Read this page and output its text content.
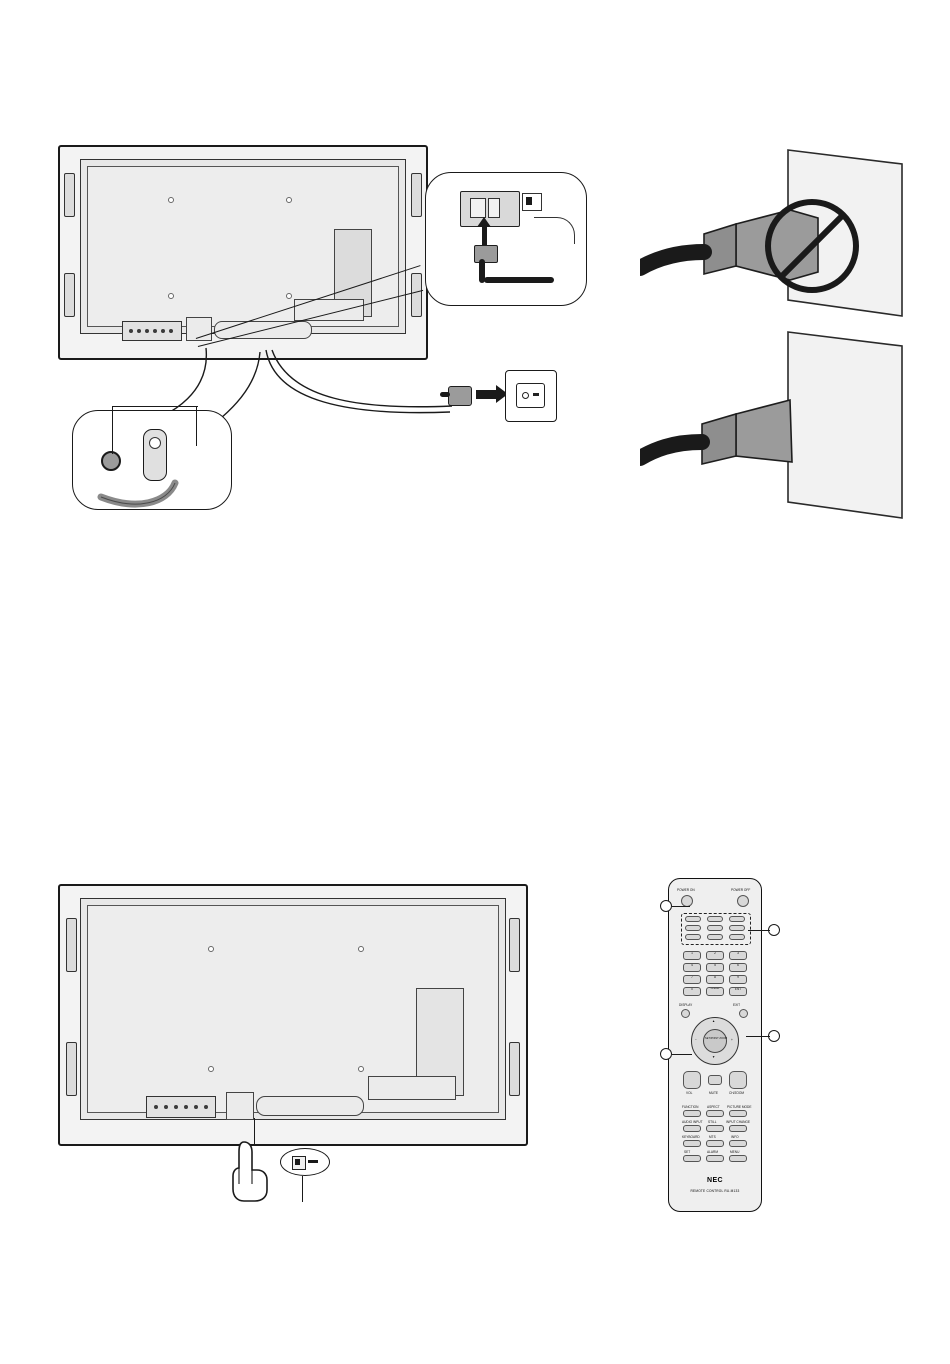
POWER ON	POWER OFF
1	2	3
4	5	6
7	8	9
0	CLEAR	ENT
DISPLAY	EXIT
SET/POINT ZOOM
▲
▼
−	+
VOL	MUTE	CH/ZOOM
FUNCTION	ASPECT PICTURE MODE
AUDIO INPUT STILL	INPUT CHANGE
KEYBOARD	MTS	INFO
SET	ALARM	MENU
NEC
REMOTE CONTROL RU-M133
